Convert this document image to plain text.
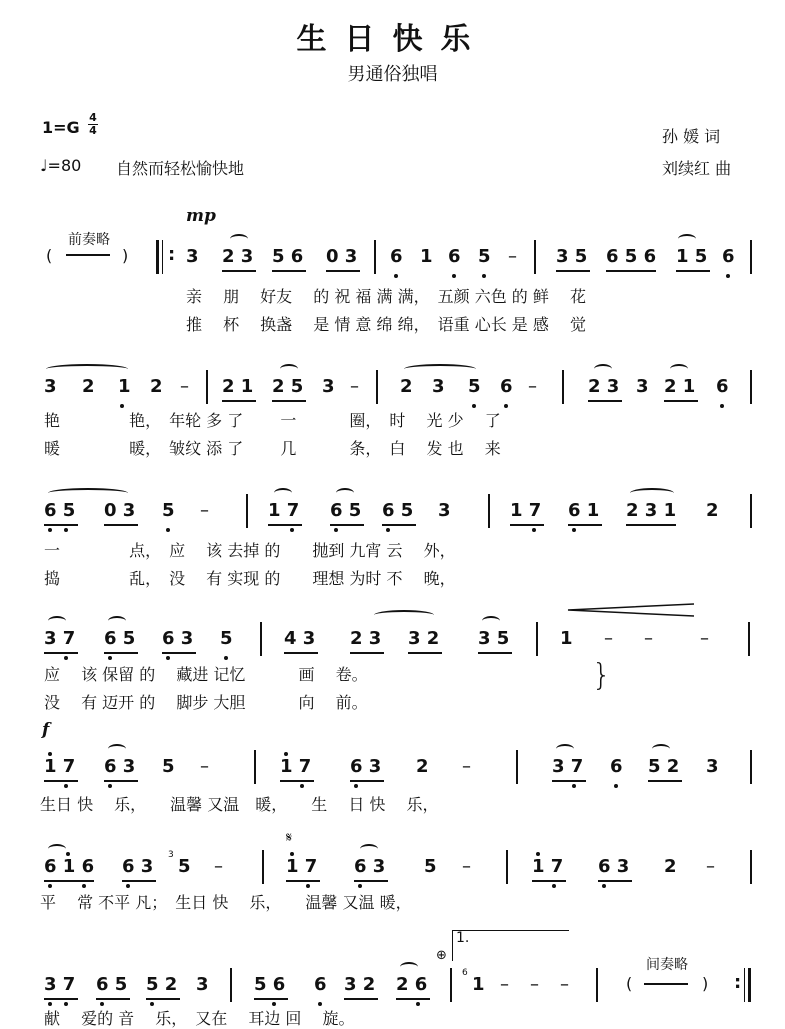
生日快乐
男通俗独唱
1=G
4
4
♩=80 自然而轻松愉快地
孙 媛 词
刘续红 曲
mp
(
前奏略
) : 3 2 3 5 6 0 3 6 1 6 5 – 3 5 6 5 6 1 5 6
亲　 朋　 好友　 的 祝 福 满 满，　五颜 六色 的 鲜　 花
推　 杯　 换盏　 是 情 意 绵 绵，　语重 心长 是 感　 觉
3 2 1 2 – 2 1 2 5 3 – 2 3 5 6 –	2 3 3 2 1 6
艳　　　　 艳，　年轮 多 了　　 一　　　 圈，　时　 光 少　 了
暖　　　　 暖，　皱纹 添 了　　 几　　　 条，　白　 发 也　 来
6 5 0 3 5 –	1 7 6 5 6 5 3	1 7 6 1 2 3 1 2
一　　　　 点，　应　 该 去掉 的　　抛到 九宵 云　 外，
捣　　　　 乱，　没　 有 实现 的　　理想 为时 不　 晚，
3 7 6 5 6 3 5	4 3 2 3 3 2 3 5	1 – –	–
应　 该 保留 的　 藏进 记忆　　　 画　 卷。
没　 有 迈开 的　 脚步 大胆　　　 向　 前。
}
f
1 7 6 3 5 –	1 7 6 3 2 –	3 7 6 5 2 3
生日 快　 乐，　　温馨 又温　暖，　　生　 日 快　 乐，
𝄋
6 1 6 6 3 5 –	1 7 6 3 5 –	1 7 6 3 2 –
3
平　 常 不平 凡；　生日 快　 乐，　　温馨 又温 暖，
⊕
1.
3 7 6 5 5 2 3	5 6 6 3 2 2 6 1 – – –
6
(
间奏略
) :
献　 爱的 音　 乐，　又在　 耳边 回　 旋。
